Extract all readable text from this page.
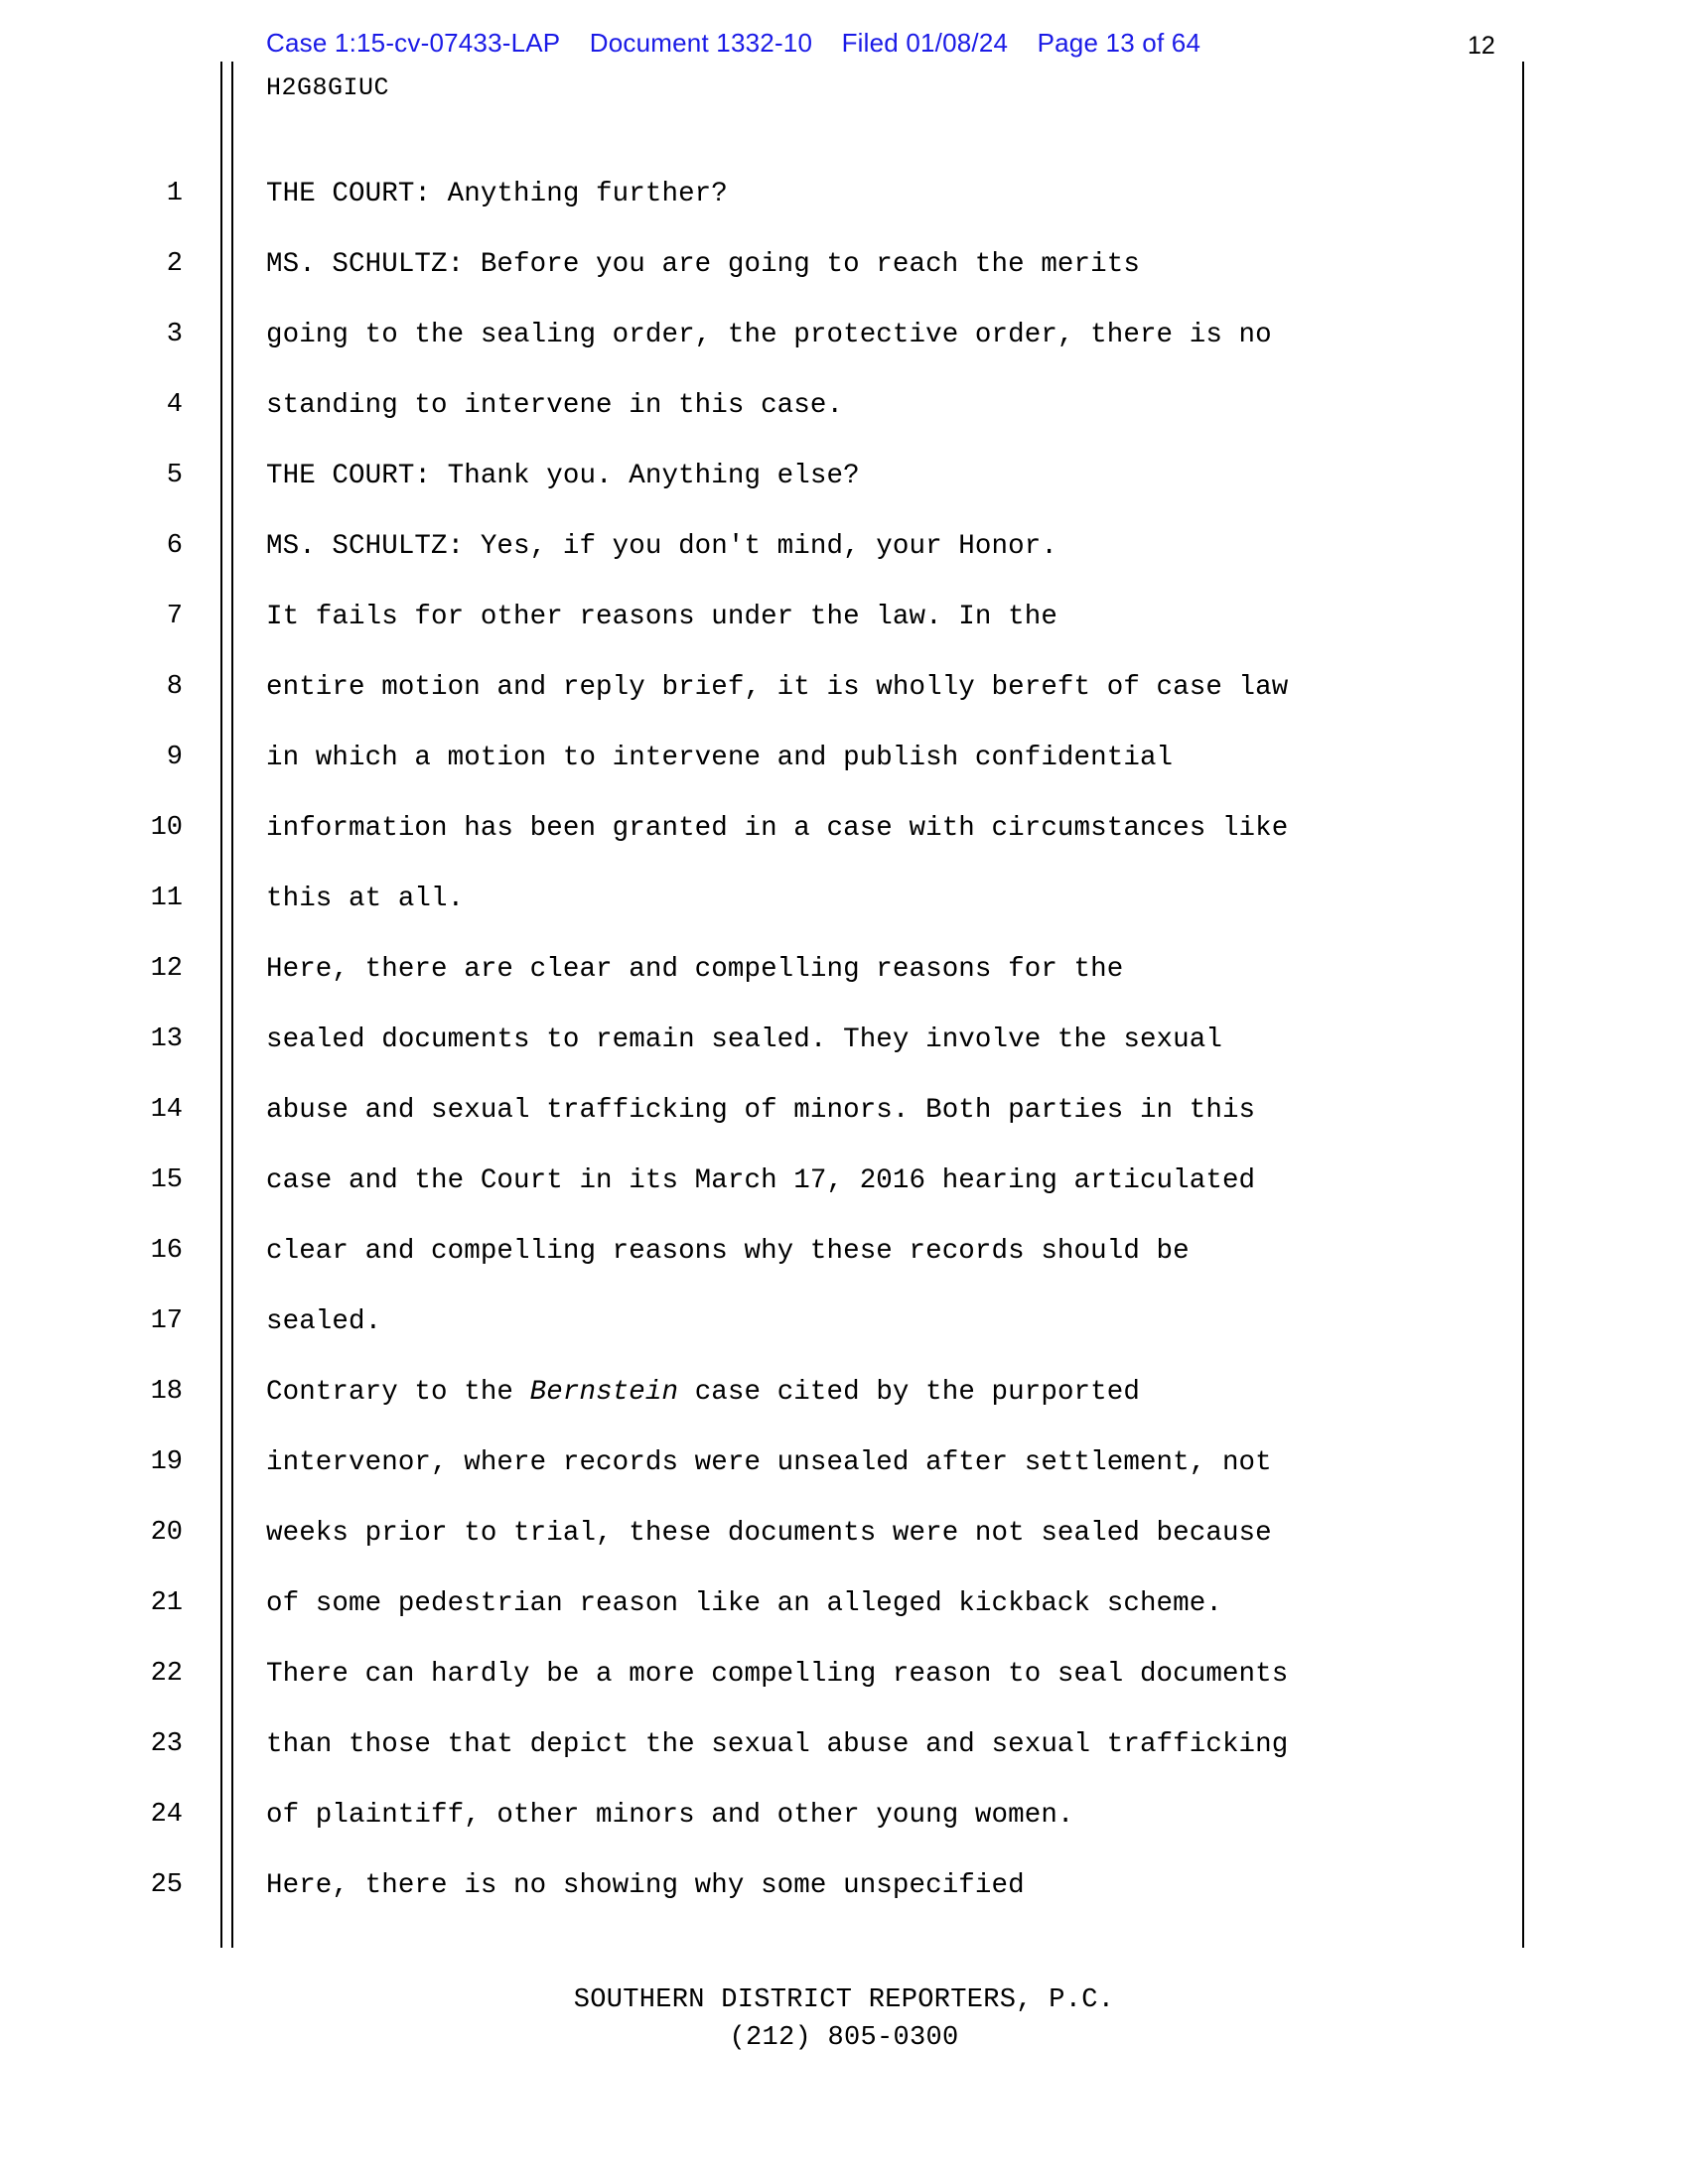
Case 1:15-cv-07433-LAP Document 1332-10 Filed 01/08/24 Page 13 of 64	12
H2G8GIUC
1	THE COURT: Anything further?
2	MS. SCHULTZ: Before you are going to reach the merits
3	going to the sealing order, the protective order, there is no
4	standing to intervene in this case.
5	THE COURT: Thank you. Anything else?
6	MS. SCHULTZ: Yes, if you don't mind, your Honor.
7	It fails for other reasons under the law. In the
8	entire motion and reply brief, it is wholly bereft of case law
9	in which a motion to intervene and publish confidential
10	information has been granted in a case with circumstances like
11	this at all.
12	Here, there are clear and compelling reasons for the
13	sealed documents to remain sealed. They involve the sexual
14	abuse and sexual trafficking of minors. Both parties in this
15	case and the Court in its March 17, 2016 hearing articulated
16	clear and compelling reasons why these records should be
17	sealed.
18	Contrary to the Bernstein case cited by the purported
19	intervenor, where records were unsealed after settlement, not
20	weeks prior to trial, these documents were not sealed because
21	of some pedestrian reason like an alleged kickback scheme.
22	There can hardly be a more compelling reason to seal documents
23	than those that depict the sexual abuse and sexual trafficking
24	of plaintiff, other minors and other young women.
25	Here, there is no showing why some unspecified
SOUTHERN DISTRICT REPORTERS, P.C.
(212) 805-0300
